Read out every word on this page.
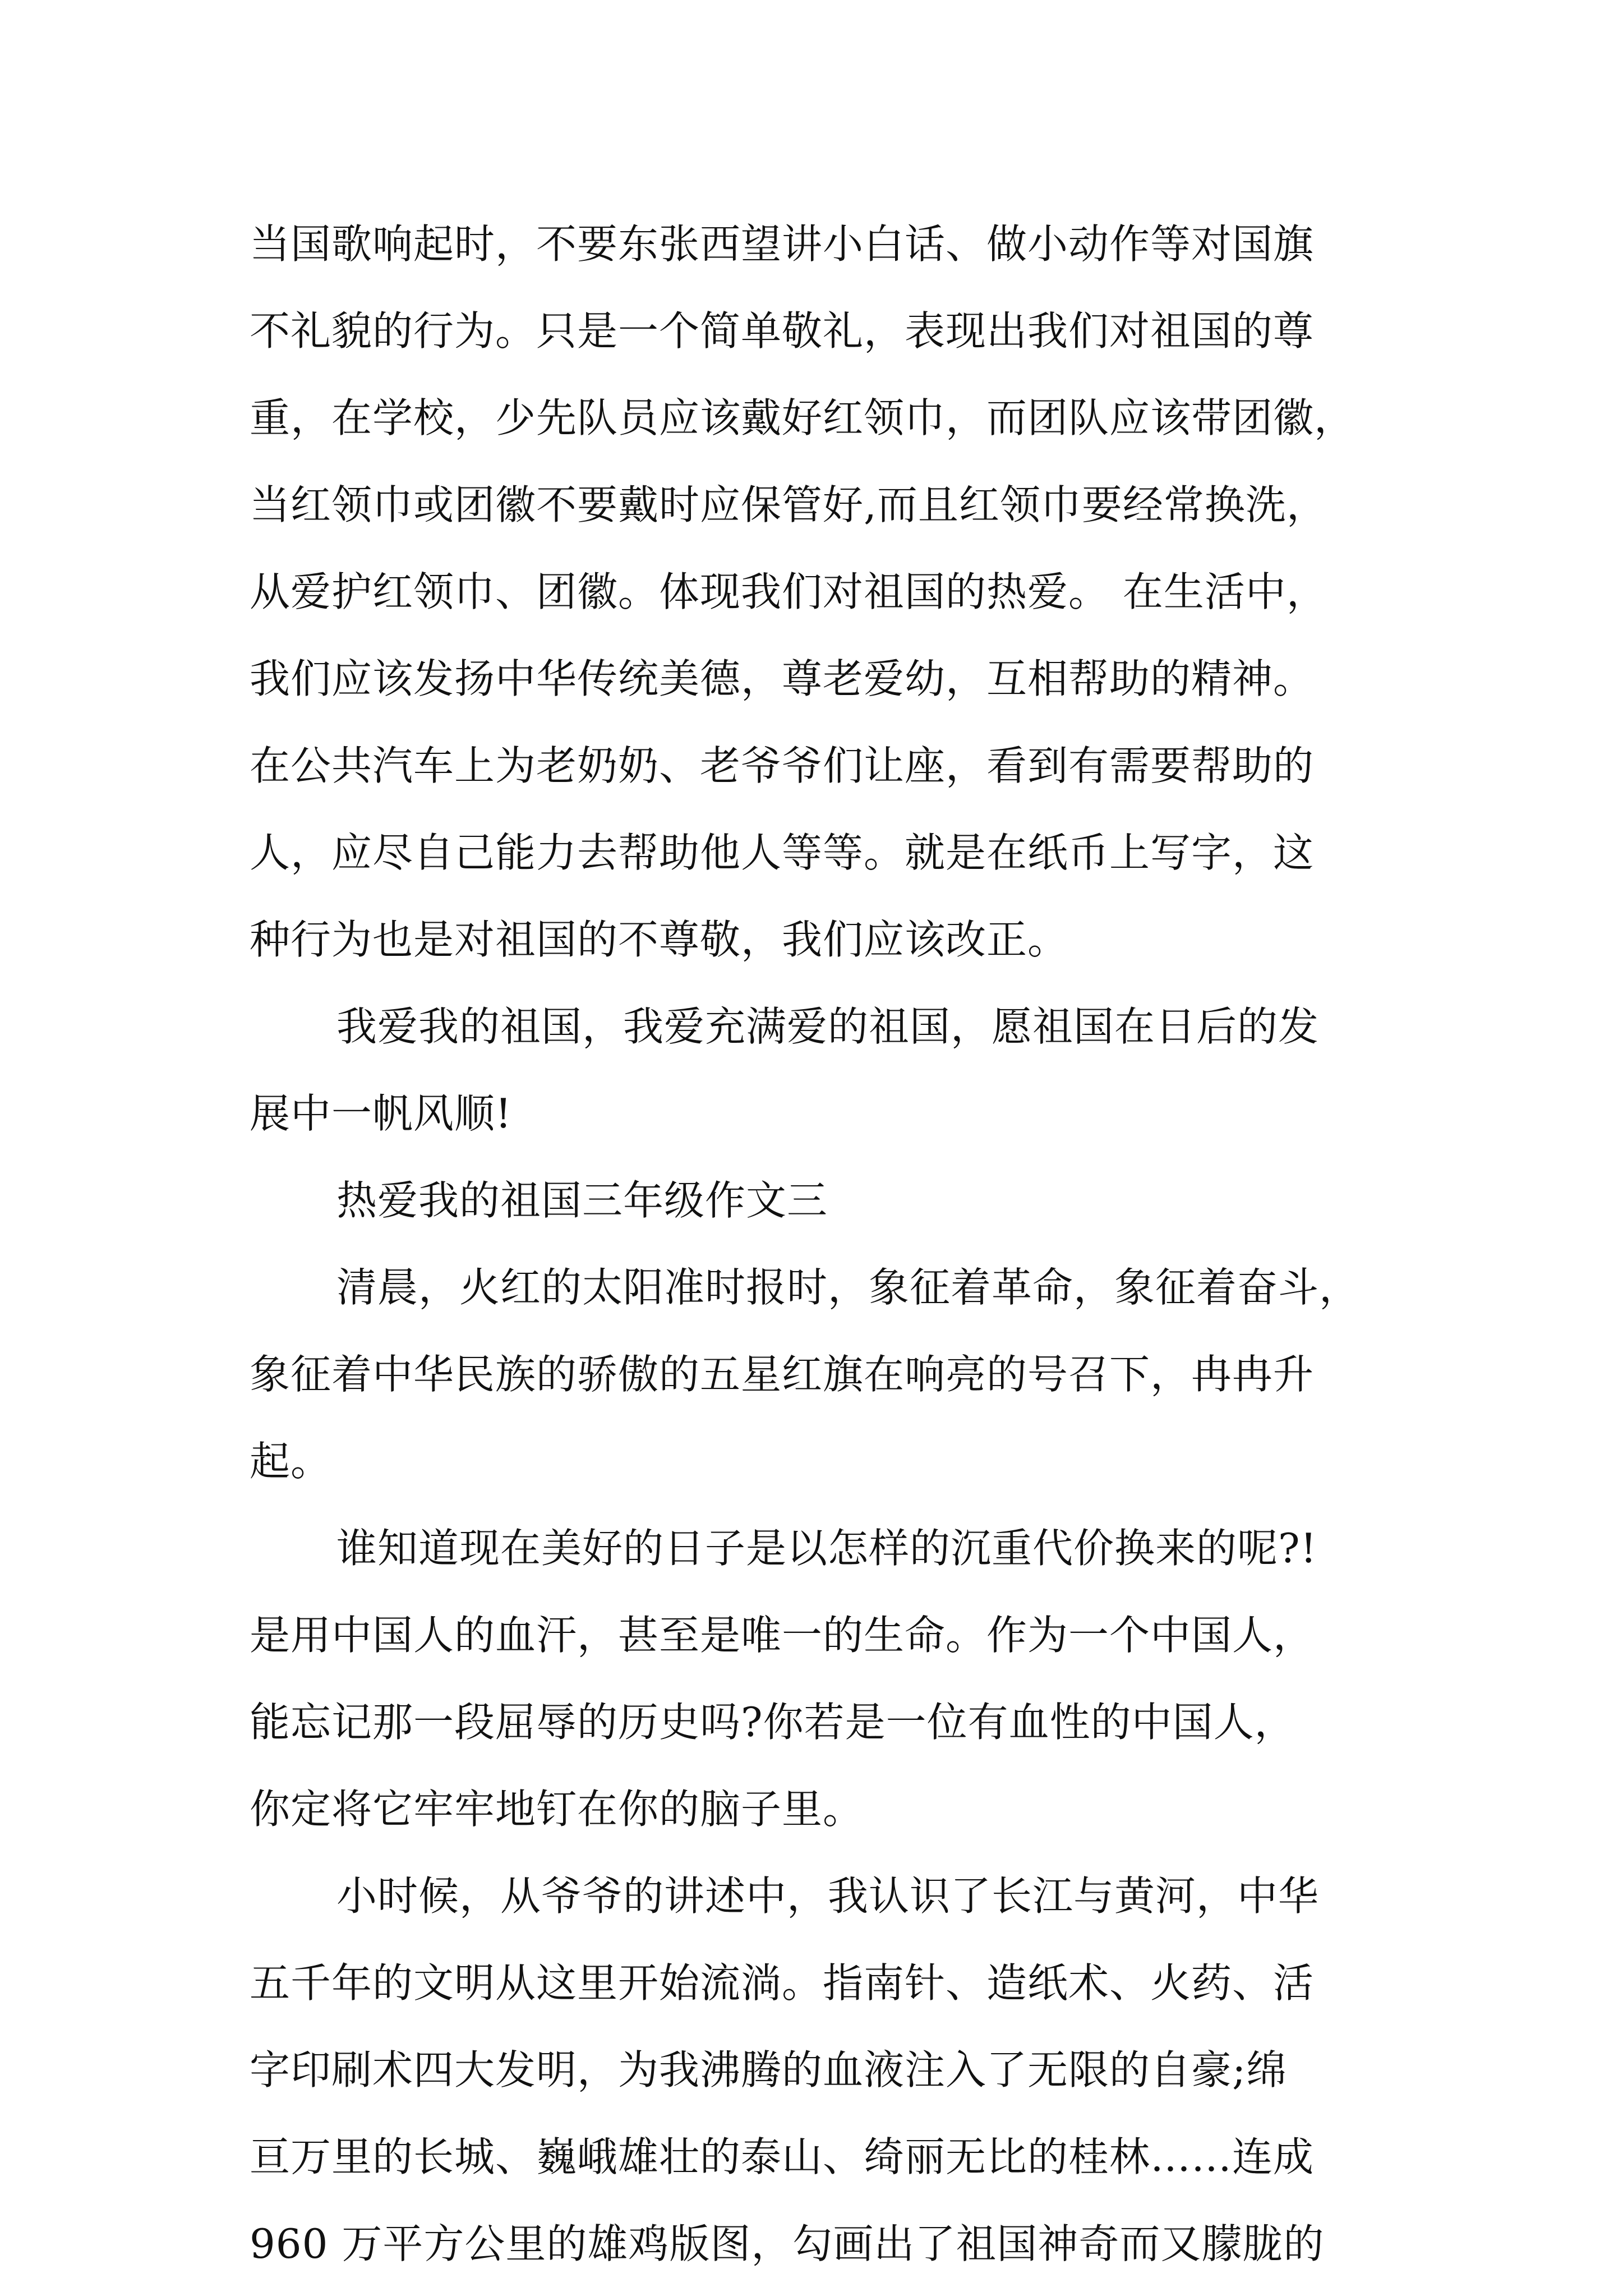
当国歌响起时，不要东张西望讲小白话、做小动作等对国旗
不礼貌的行为。只是一个简单敬礼，表现出我们对祖国的尊
重，在学校，少先队员应该戴好红领巾，而团队应该带团徽，
当红领巾或团徽不要戴时应保管好,而且红领巾要经常换洗，
从爱护红领巾、团徽。体现我们对祖国的热爱。 在生活中，
我们应该发扬中华传统美德，尊老爱幼，互相帮助的精神。
在公共汽车上为老奶奶、老爷爷们让座，看到有需要帮助的
人，应尽自己能力去帮助他人等等。就是在纸币上写字，这
种行为也是对祖国的不尊敬，我们应该改正。
我爱我的祖国，我爱充满爱的祖国，愿祖国在日后的发
展中一帆风顺!
热爱我的祖国三年级作文三
清晨，火红的太阳准时报时，象征着革命，象征着奋斗，
象征着中华民族的骄傲的五星红旗在响亮的号召下，冉冉升
起。
谁知道现在美好的日子是以怎样的沉重代价换来的呢?!
是用中国人的血汗，甚至是唯一的生命。作为一个中国人，
能忘记那一段屈辱的历史吗?你若是一位有血性的中国人，
你定将它牢牢地钉在你的脑子里。
小时候，从爷爷的讲述中，我认识了长江与黄河，中华
五千年的文明从这里开始流淌。指南针、造纸术、火药、活
字印刷术四大发明，为我沸腾的血液注入了无限的自豪;绵
亘万里的长城、巍峨雄壮的泰山、绮丽无比的桂林……连成
960 万平方公里的雄鸡版图，勾画出了祖国神奇而又朦胧的
